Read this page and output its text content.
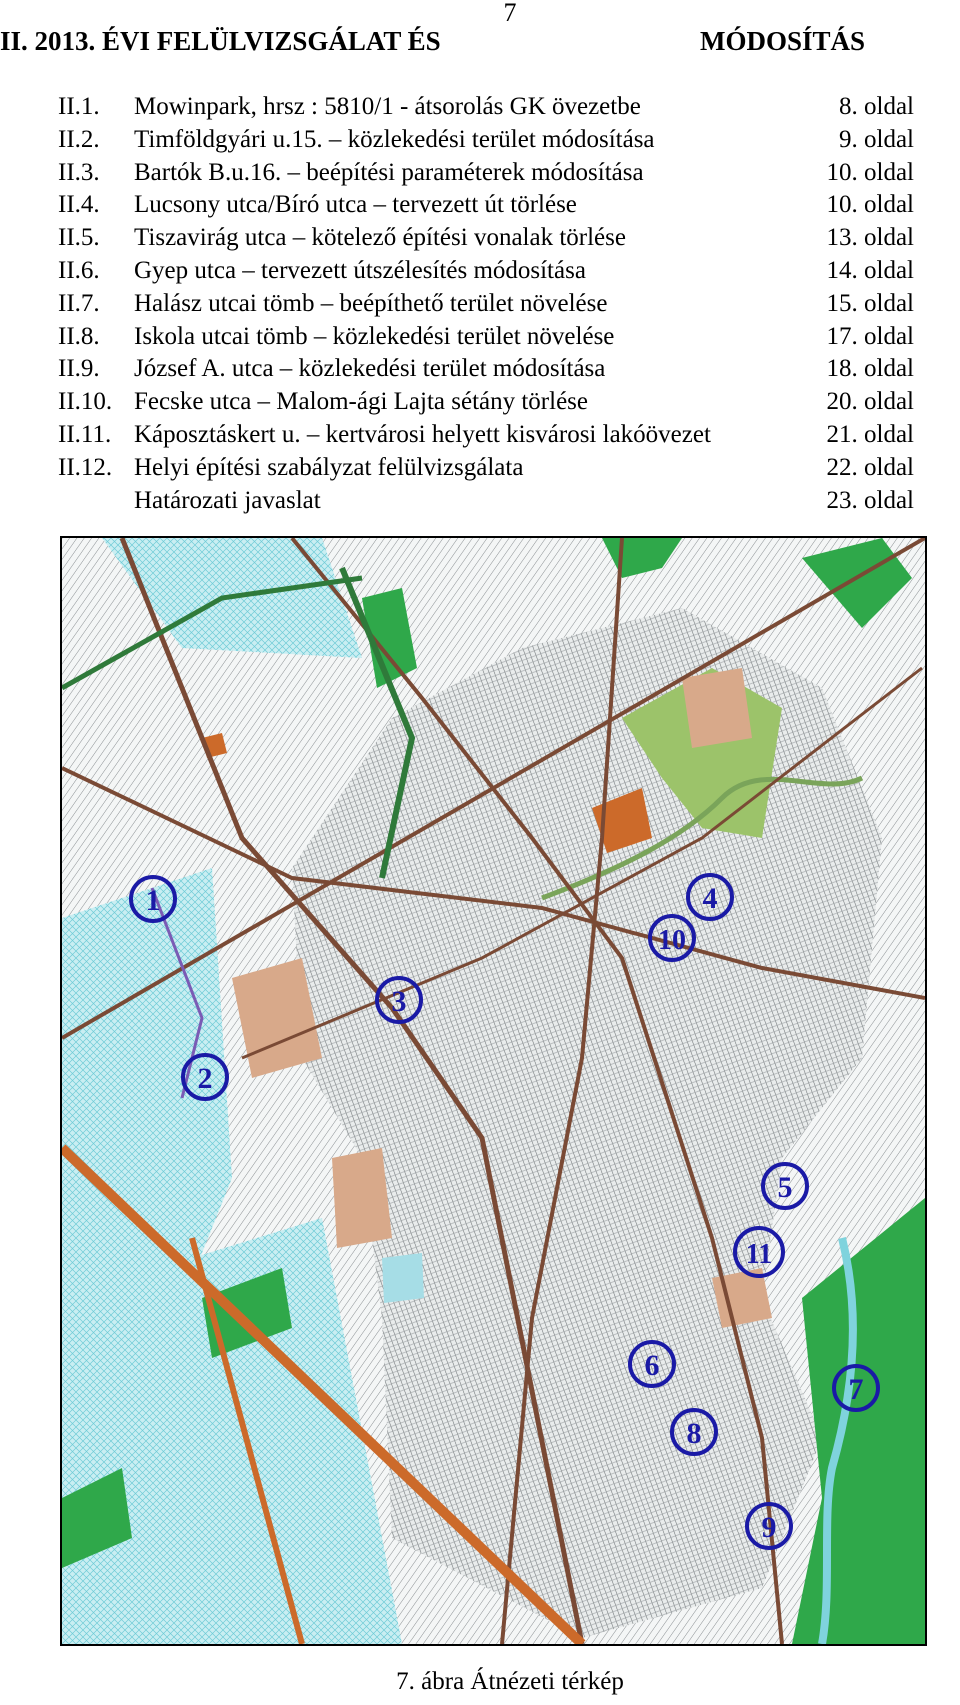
7
II. 2013. ÉVI FELÜLVIZSGÁLAT ÉS	MÓDOSÍTÁS
II.1. Mowinpark, hrsz : 5810/1 - átsorolás GK övezetbe	8. oldal
II.2. Timföldgyári u.15. – közlekedési terület módosítása	9. oldal
II.3. Bartók B.u.16. – beépítési paraméterek módosítása	10. oldal
II.4. Lucsony utca/Bíró utca – tervezett út törlése	10. oldal
II.5. Tiszavirág utca – kötelező építési vonalak törlése	13. oldal
II.6. Gyep utca – tervezett útszélesítés módosítása	14. oldal
II.7. Halász utcai tömb – beépíthető terület növelése	15. oldal
II.8. Iskola utcai tömb – közlekedési terület növelése	17. oldal
II.9. József A. utca – közlekedési terület módosítása	18. oldal
II.10. Fecske utca – Malom-ági Lajta sétány törlése	20. oldal
II.11. Káposztáskert u. – kertvárosi helyett kisvárosi lakóövezet	21. oldal
II.12. Helyi építési szabályzat felülvizsgálata	22. oldal
Határozati javaslat	23. oldal
1
2
3
4
10
5
11
6
7
8
9
7. ábra Átnézeti térkép
